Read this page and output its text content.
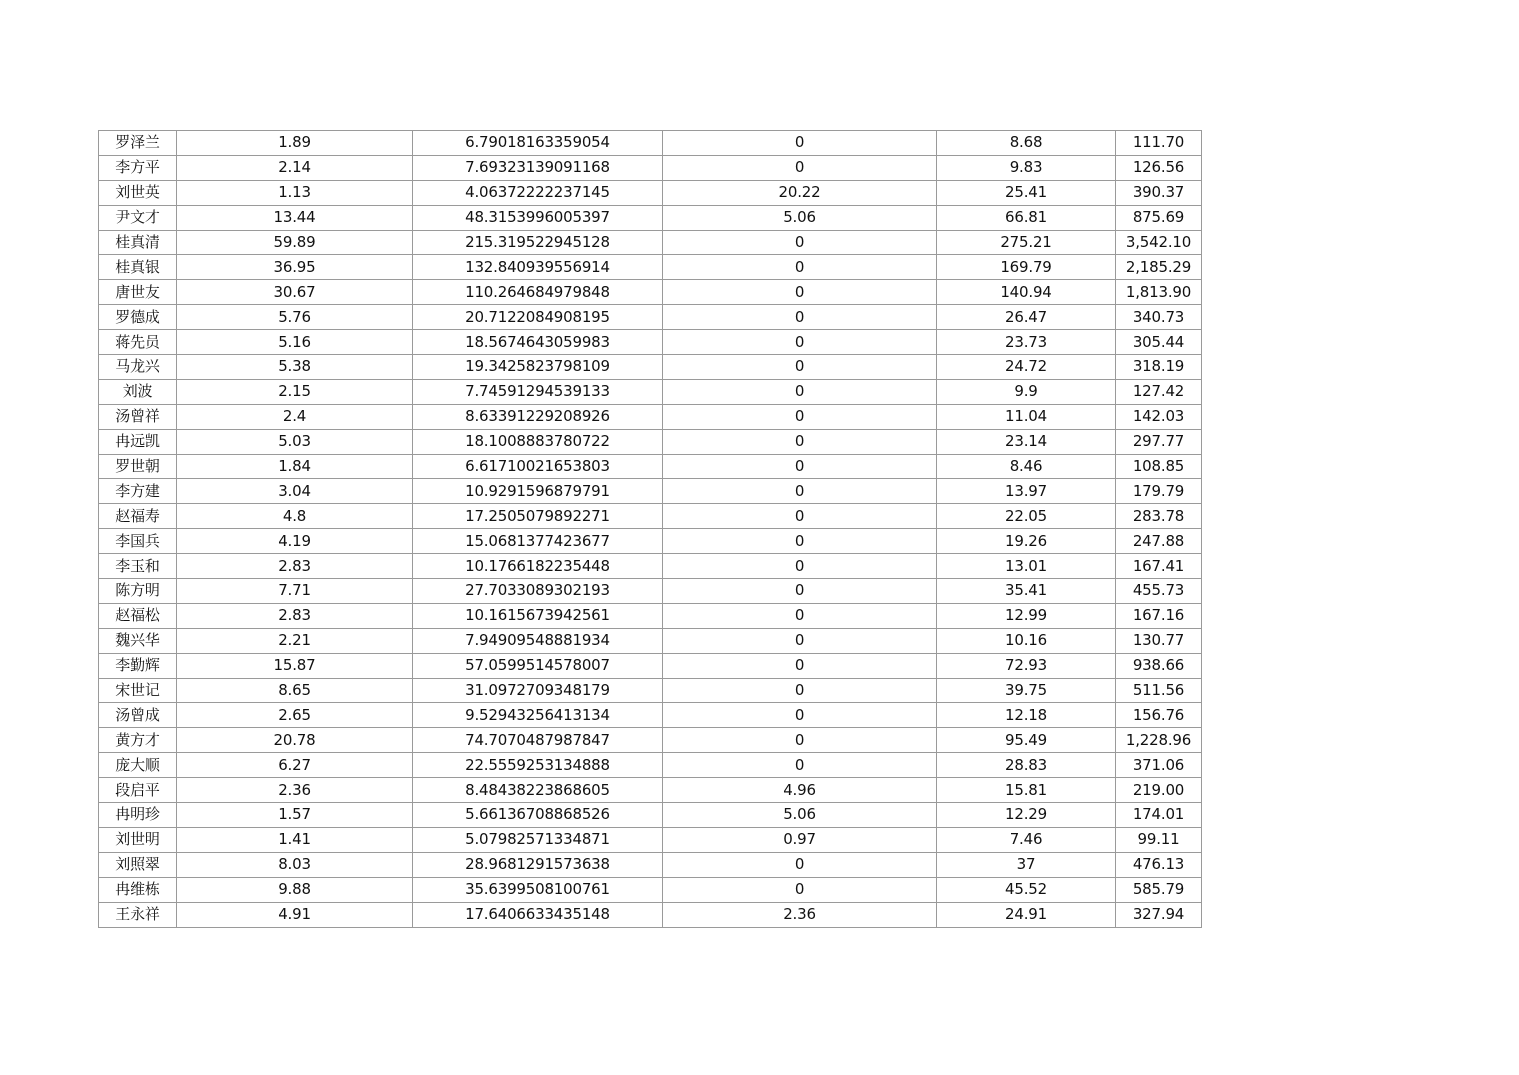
罗泽兰	1.89	6.79018163359054	0	8.68	111.70
李方平	2.14	7.69323139091168	0	9.83	126.56
刘世英	1.13	4.06372222237145	20.22	25.41	390.37
尹文才	13.44	48.3153996005397	5.06	66.81	875.69
桂真清	59.89	215.319522945128	0	275.21	3,542.10
桂真银	36.95	132.840939556914	0	169.79	2,185.29
唐世友	30.67	110.264684979848	0	140.94	1,813.90
罗德成	5.76	20.7122084908195	0	26.47	340.73
蒋先员	5.16	18.5674643059983	0	23.73	305.44
马龙兴	5.38	19.3425823798109	0	24.72	318.19
刘波	2.15	7.74591294539133	0	9.9	127.42
汤曾祥	2.4	8.63391229208926	0	11.04	142.03
冉远凯	5.03	18.1008883780722	0	23.14	297.77
罗世朝	1.84	6.61710021653803	0	8.46	108.85
李方建	3.04	10.9291596879791	0	13.97	179.79
赵福寿	4.8	17.2505079892271	0	22.05	283.78
李国兵	4.19	15.0681377423677	0	19.26	247.88
李玉和	2.83	10.1766182235448	0	13.01	167.41
陈方明	7.71	27.7033089302193	0	35.41	455.73
赵福松	2.83	10.1615673942561	0	12.99	167.16
魏兴华	2.21	7.94909548881934	0	10.16	130.77
李勤辉	15.87	57.0599514578007	0	72.93	938.66
宋世记	8.65	31.0972709348179	0	39.75	511.56
汤曾成	2.65	9.52943256413134	0	12.18	156.76
黄方才	20.78	74.7070487987847	0	95.49	1,228.96
庞大顺	6.27	22.5559253134888	0	28.83	371.06
段启平	2.36	8.48438223868605	4.96	15.81	219.00
冉明珍	1.57	5.66136708868526	5.06	12.29	174.01
刘世明	1.41	5.07982571334871	0.97	7.46	99.11
刘照翠	8.03	28.9681291573638	0	37	476.13
冉维栋	9.88	35.6399508100761	0	45.52	585.79
王永祥	4.91	17.6406633435148	2.36	24.91	327.94
